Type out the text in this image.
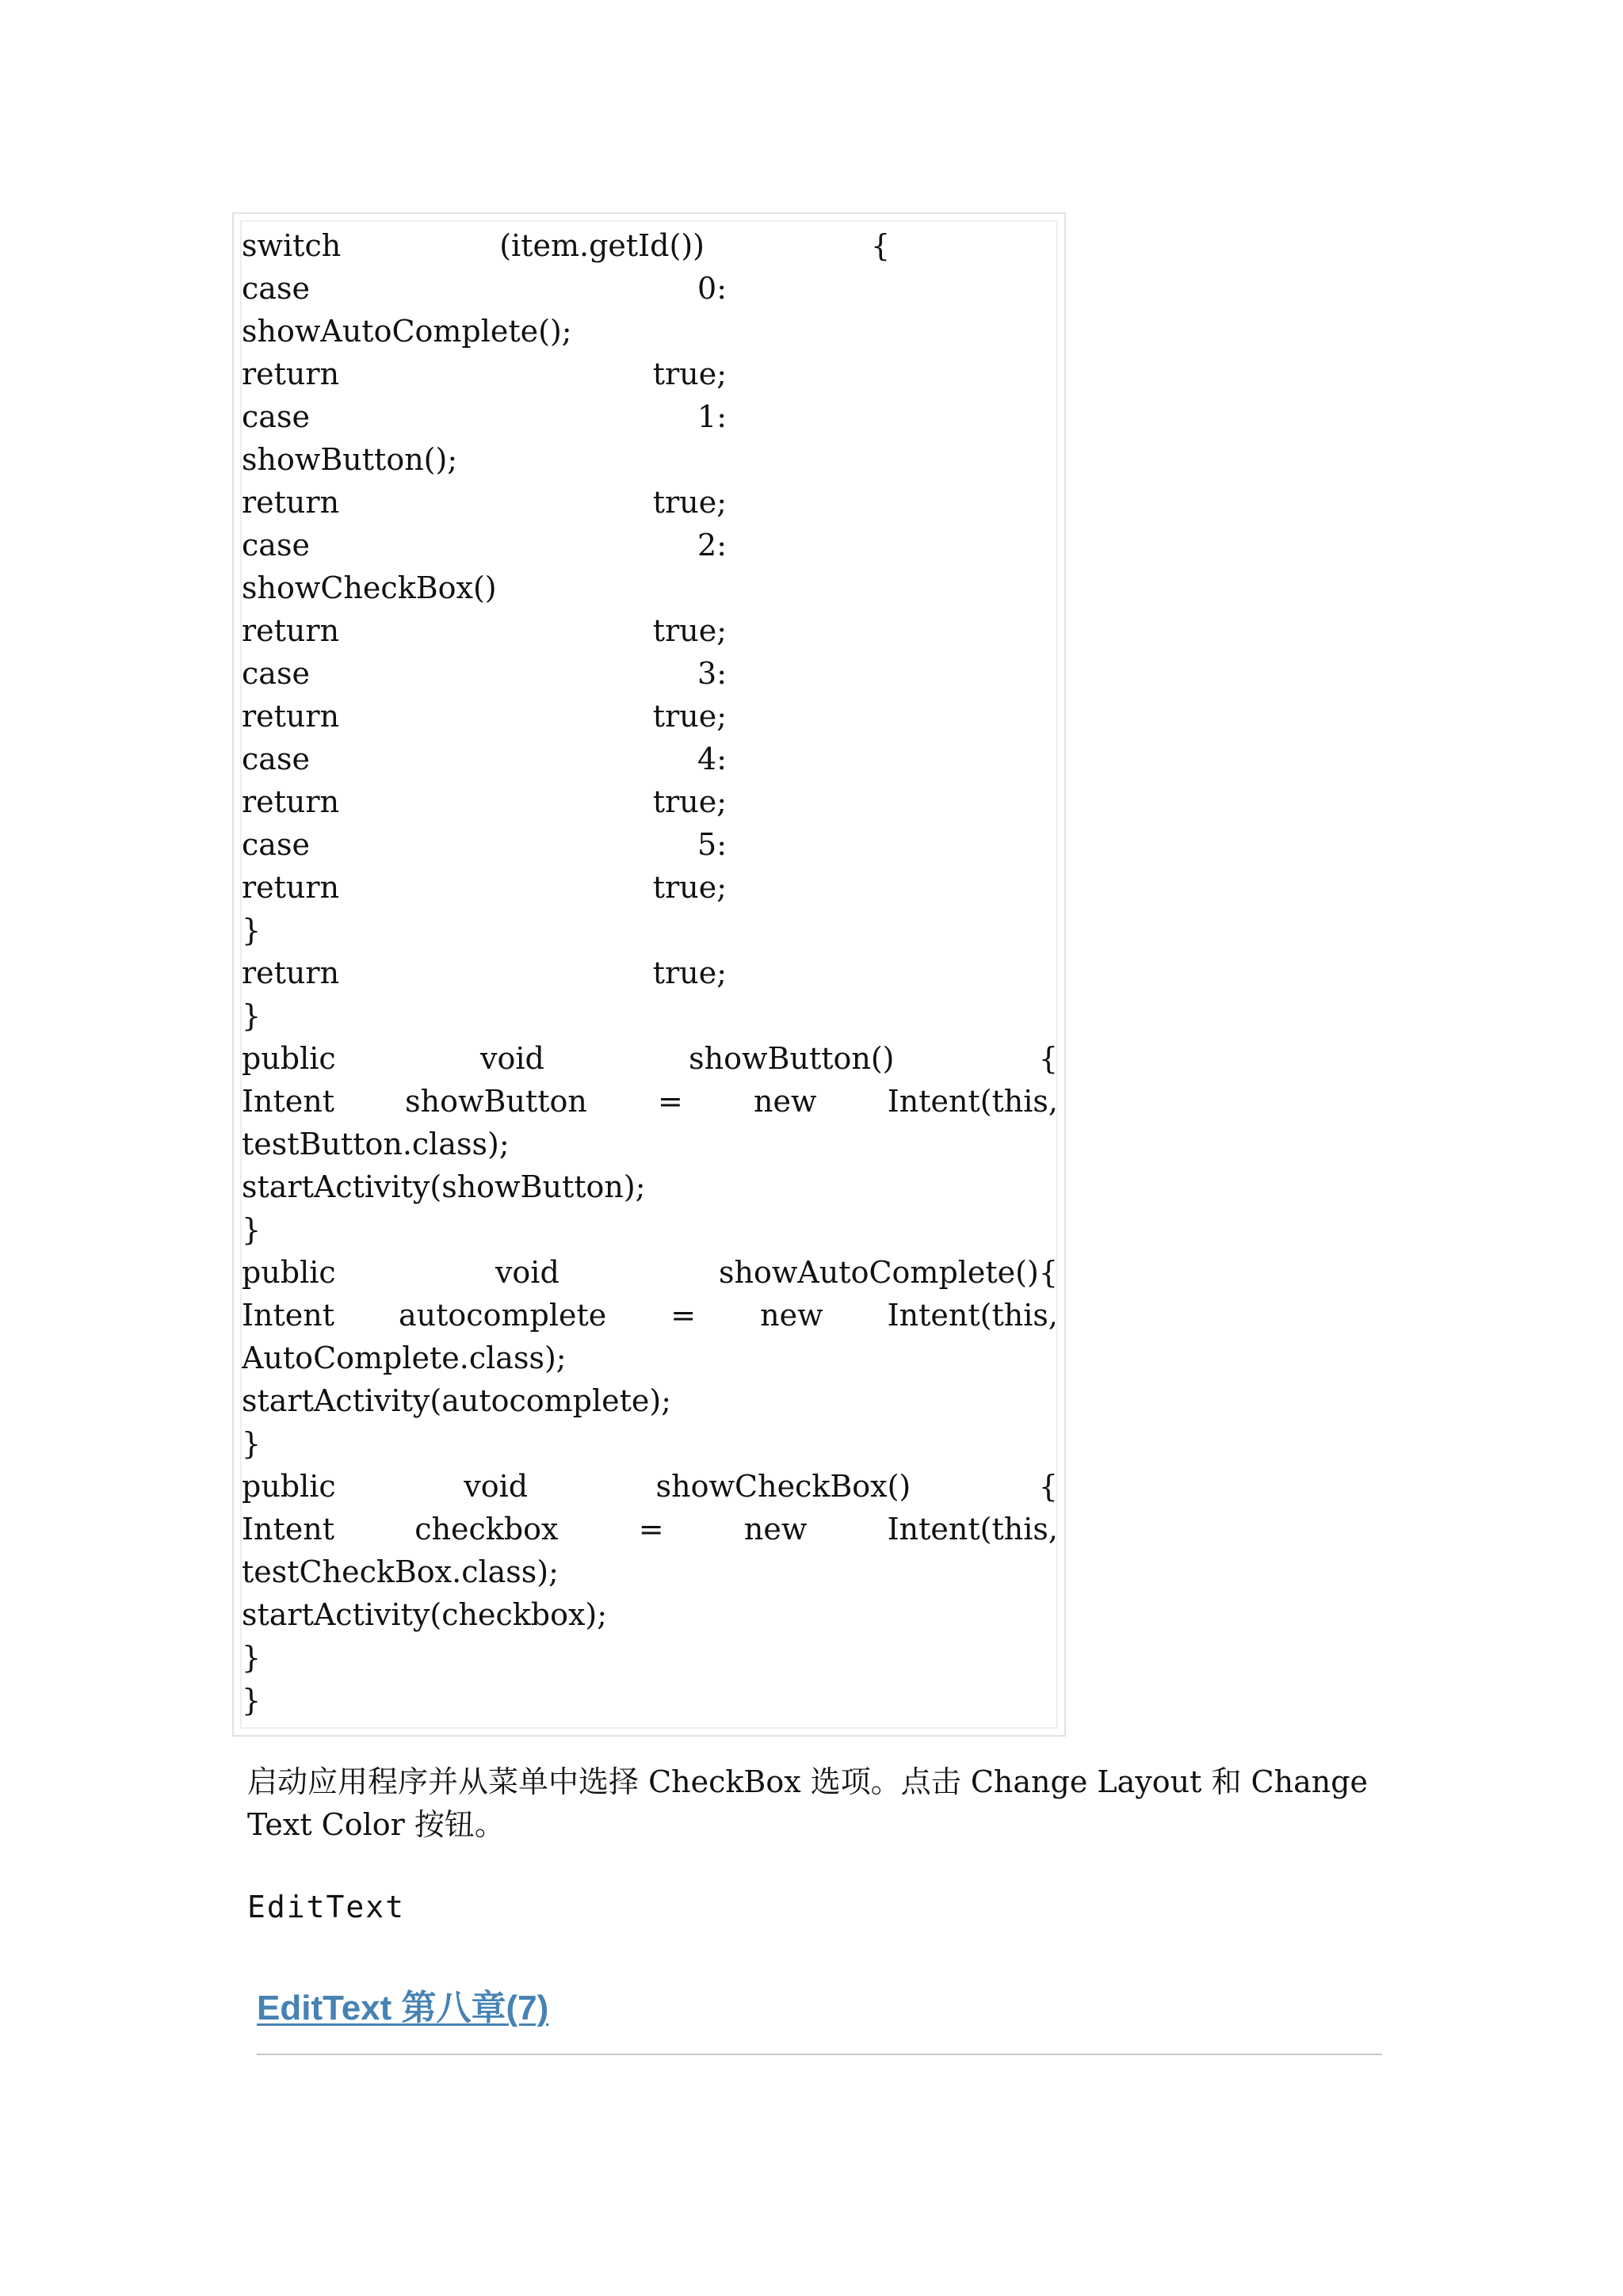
switch	(item.getId())	{
case	0:
showAutoComplete();
return	true;
case	1:
showButton();
return	true;
case	2:
showCheckBox()
return	true;
case	3:
return	true;
case	4:
return	true;
case	5:
return	true;
}
return	true;
}
public	void	showButton()	{
Intent showButton = new Intent(this,
testButton.class);
startActivity(showButton);
}
public	void	showAutoComplete(){
Intent autocomplete = new Intent(this,
AutoComplete.class);
startActivity(autocomplete);
}
public	void	showCheckBox()	{
Intent	checkbox	=	new	Intent(this,
testCheckBox.class);
startActivity(checkbox);
}
}

启动应用程序并从菜单中选择 CheckBox 选项。点击 Change Layout 和 Change Text Color 按钮。

EditText

EditText 第八章(7)
